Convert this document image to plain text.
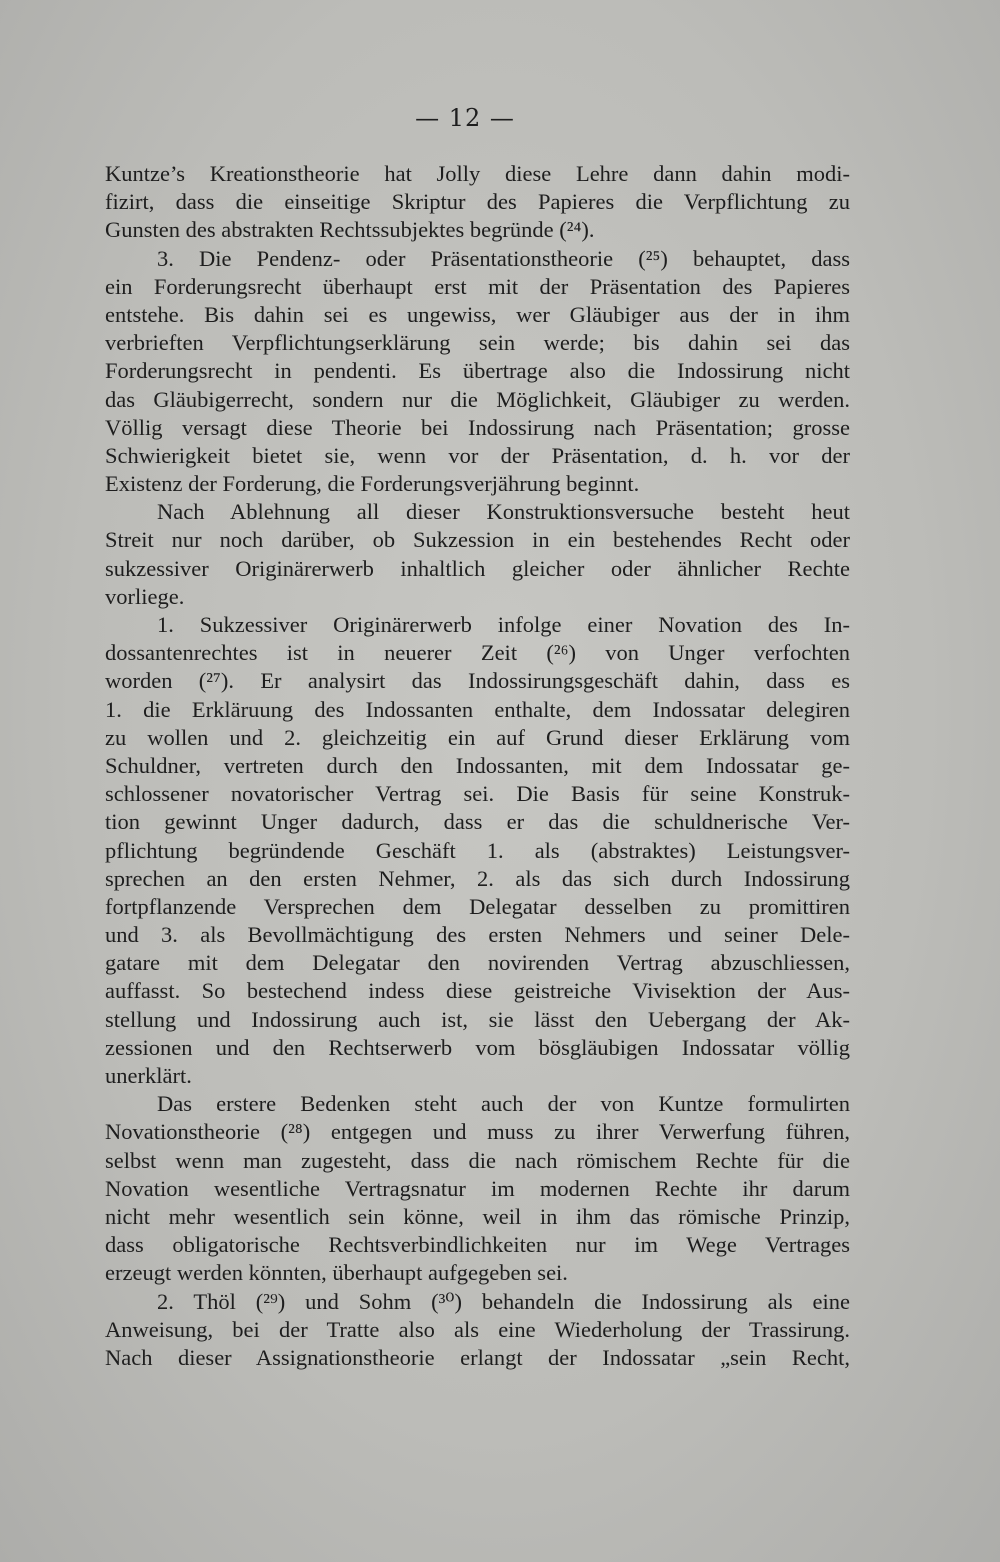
— 12 —
Kuntze’s Kreationstheorie hat Jolly diese Lehre dann dahin modi-
fizirt, dass die einseitige Skriptur des Papieres die Verpflichtung zu
Gunsten des abstrakten Rechtssubjektes begründe (²⁴).
3. Die Pendenz- oder Präsentationstheorie (²⁵) behauptet, dass
ein Forderungsrecht überhaupt erst mit der Präsentation des Papieres
entstehe. Bis dahin sei es ungewiss, wer Gläubiger aus der in ihm
verbrieften Verpflichtungserklärung sein werde; bis dahin sei das
Forderungsrecht in pendenti. Es übertrage also die Indossirung nicht
das Gläubigerrecht, sondern nur die Möglichkeit, Gläubiger zu werden.
Völlig versagt diese Theorie bei Indossirung nach Präsentation; grosse
Schwierigkeit bietet sie, wenn vor der Präsentation, d. h. vor der
Existenz der Forderung, die Forderungsverjährung beginnt.
Nach Ablehnung all dieser Konstruktionsversuche besteht heut
Streit nur noch darüber, ob Sukzession in ein bestehendes Recht oder
sukzessiver Originärerwerb inhaltlich gleicher oder ähnlicher Rechte
vorliege.
1. Sukzessiver Originärerwerb infolge einer Novation des In-
dossantenrechtes ist in neuerer Zeit (²⁶) von Unger verfochten
worden (²⁷). Er analysirt das Indossirungsgeschäft dahin, dass es
1. die Erkläruung des Indossanten enthalte, dem Indossatar delegiren
zu wollen und 2. gleichzeitig ein auf Grund dieser Erklärung vom
Schuldner, vertreten durch den Indossanten, mit dem Indossatar ge-
schlossener novatorischer Vertrag sei. Die Basis für seine Konstruk-
tion gewinnt Unger dadurch, dass er das die schuldnerische Ver-
pflichtung begründende Geschäft 1. als (abstraktes) Leistungsver-
sprechen an den ersten Nehmer, 2. als das sich durch Indossirung
fortpflanzende Versprechen dem Delegatar desselben zu promittiren
und 3. als Bevollmächtigung des ersten Nehmers und seiner Dele-
gatare mit dem Delegatar den novirenden Vertrag abzuschliessen,
auffasst. So bestechend indess diese geistreiche Vivisektion der Aus-
stellung und Indossirung auch ist, sie lässt den Uebergang der Ak-
zessionen und den Rechtserwerb vom bösgläubigen Indossatar völlig
unerklärt.
Das erstere Bedenken steht auch der von Kuntze formulirten
Novationstheorie (²⁸) entgegen und muss zu ihrer Verwerfung führen,
selbst wenn man zugesteht, dass die nach römischem Rechte für die
Novation wesentliche Vertragsnatur im modernen Rechte ihr darum
nicht mehr wesentlich sein könne, weil in ihm das römische Prinzip,
dass obligatorische Rechtsverbindlichkeiten nur im Wege Vertrages
erzeugt werden könnten, überhaupt aufgegeben sei.
2. Thöl (²⁹) und Sohm (³⁰) behandeln die Indossirung als eine
Anweisung, bei der Tratte also als eine Wiederholung der Trassirung.
Nach dieser Assignationstheorie erlangt der Indossatar „sein Recht,
